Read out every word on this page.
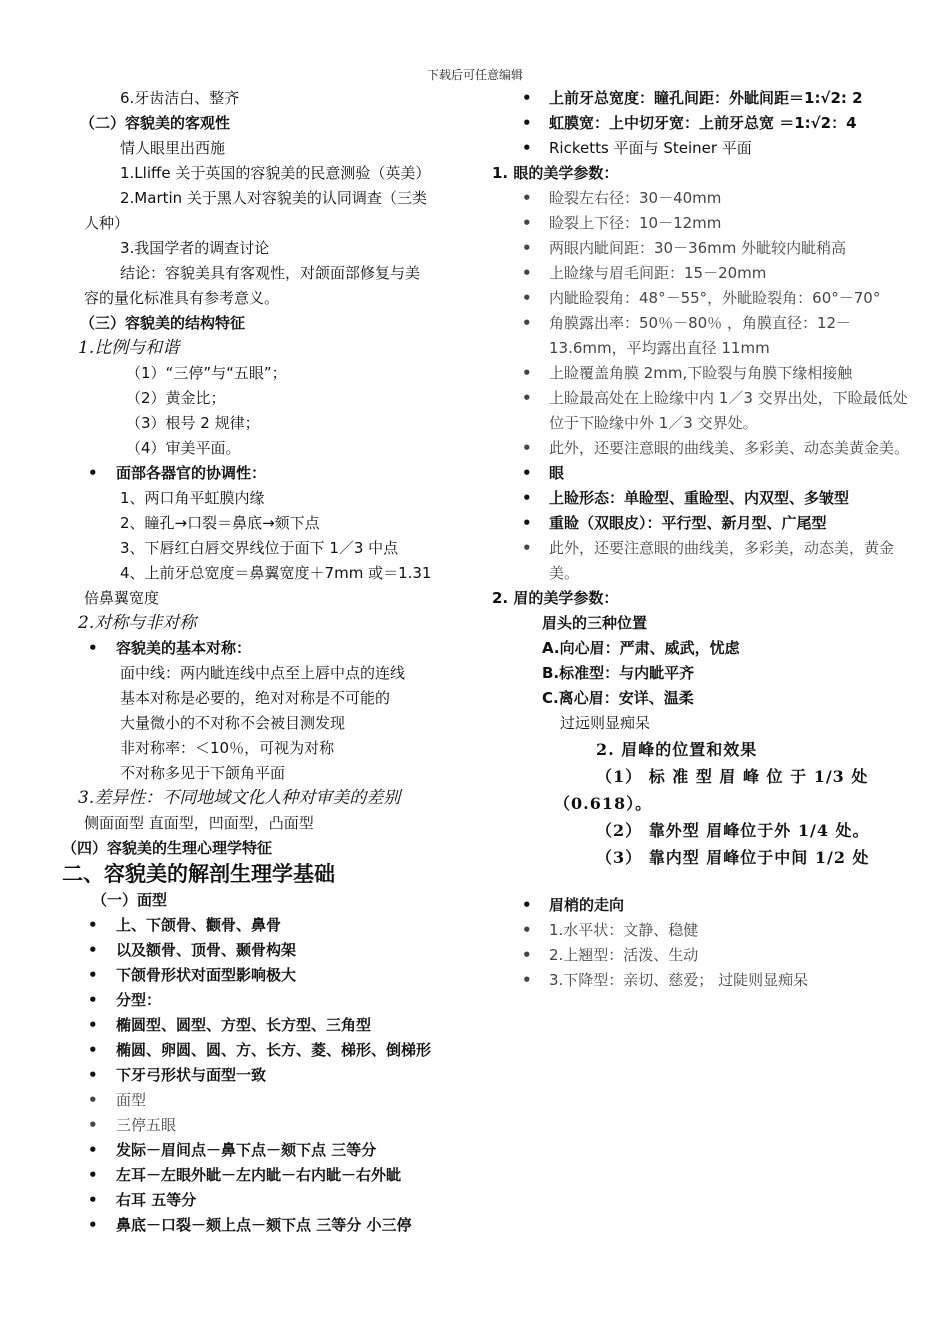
下载后可任意编辑
6.牙齿洁白、整齐
（二）容貌美的客观性
情人眼里出西施
1.Lliffe 关于英国的容貌美的民意测验（英美）
2.Martin 关于黑人对容貌美的认同调查（三类
人种）
3.我国学者的调查讨论
结论：容貌美具有客观性，对颌面部修复与美
容的量化标准具有参考意义。
（三）容貌美的结构特征
1.比例与和谐
（1）“三停”与“五眼”；
（2）黄金比；
（3）根号 2 规律；
（4）审美平面。
• 面部各器官的协调性：
1、两口角平虹膜内缘
2、瞳孔→口裂＝鼻底→颏下点
3、下唇红白唇交界线位于面下 1／3 中点
4、上前牙总宽度＝鼻翼宽度＋7mm 或＝1.31
倍鼻翼宽度
2.对称与非对称
• 容貌美的基本对称：
面中线：两内眦连线中点至上唇中点的连线
基本对称是必要的，绝对对称是不可能的
大量微小的不对称不会被目测发现
非对称率：＜10％，可视为对称
不对称多见于下颌角平面
3.差异性：不同地域文化人种对审美的差别
侧面面型 直面型，凹面型，凸面型
（四）容貌美的生理心理学特征
二、容貌美的解剖生理学基础
（一）面型
• 上、下颌骨、颧骨、鼻骨
• 以及额骨、顶骨、颞骨构架
• 下颌骨形状对面型影响极大
• 分型：
• 椭圆型、圆型、方型、长方型、三角型
• 椭圆、卵圆、圆、方、长方、菱、梯形、倒梯形
• 下牙弓形状与面型一致
• 面型
• 三停五眼
• 发际－眉间点－鼻下点－颏下点 三等分
• 左耳－左眼外眦－左内眦－右内眦－右外眦
• 右耳 五等分
• 鼻底－口裂－颏上点－颏下点 三等分 小三停
• 上前牙总宽度：瞳孔间距：外眦间距＝1:√2: 2
• 虹膜宽：上中切牙宽：上前牙总宽 ＝1:√2：4
• Ricketts 平面与 Steiner 平面
1. 眼的美学参数：
• 睑裂左右径：30－40mm
• 睑裂上下径：10－12mm
• 两眼内眦间距：30－36mm 外眦较内眦稍高
• 上睑缘与眉毛间距：15－20mm
• 内眦睑裂角：48°－55°，外眦睑裂角：60°－70°
• 角膜露出率：50％－80％ ，角膜直径：12－13.6mm，平均露出直径 11mm
• 上睑覆盖角膜 2mm,下睑裂与角膜下缘相接触
• 上睑最高处在上睑缘中内 1／3 交界出处，下睑最低处位于下睑缘中外 1／3 交界处。
• 此外，还要注意眼的曲线美、多彩美、动态美黄金美。
• 眼
• 上睑形态：单睑型、重睑型、内双型、多皱型
• 重睑（双眼皮）：平行型、新月型、广尾型
• 此外，还要注意眼的曲线美，多彩美，动态美，黄金美。
2. 眉的美学参数：
眉头的三种位置
A.向心眉：严肃、威武，忧虑
B.标准型：与内眦平齐
C.离心眉：安详、温柔
过远则显痴呆
2. 眉峰的位置和效果
（1） 标 准 型 眉 峰 位 于 1/3 处
（0.618）。
（2） 靠外型 眉峰位于外 1/4 处。
（3） 靠内型 眉峰位于中间 1/2 处
• 眉梢的走向
• 1.水平状：文静、稳健
• 2.上翘型：活泼、生动
• 3.下降型：亲切、慈爱； 过陡则显痴呆
